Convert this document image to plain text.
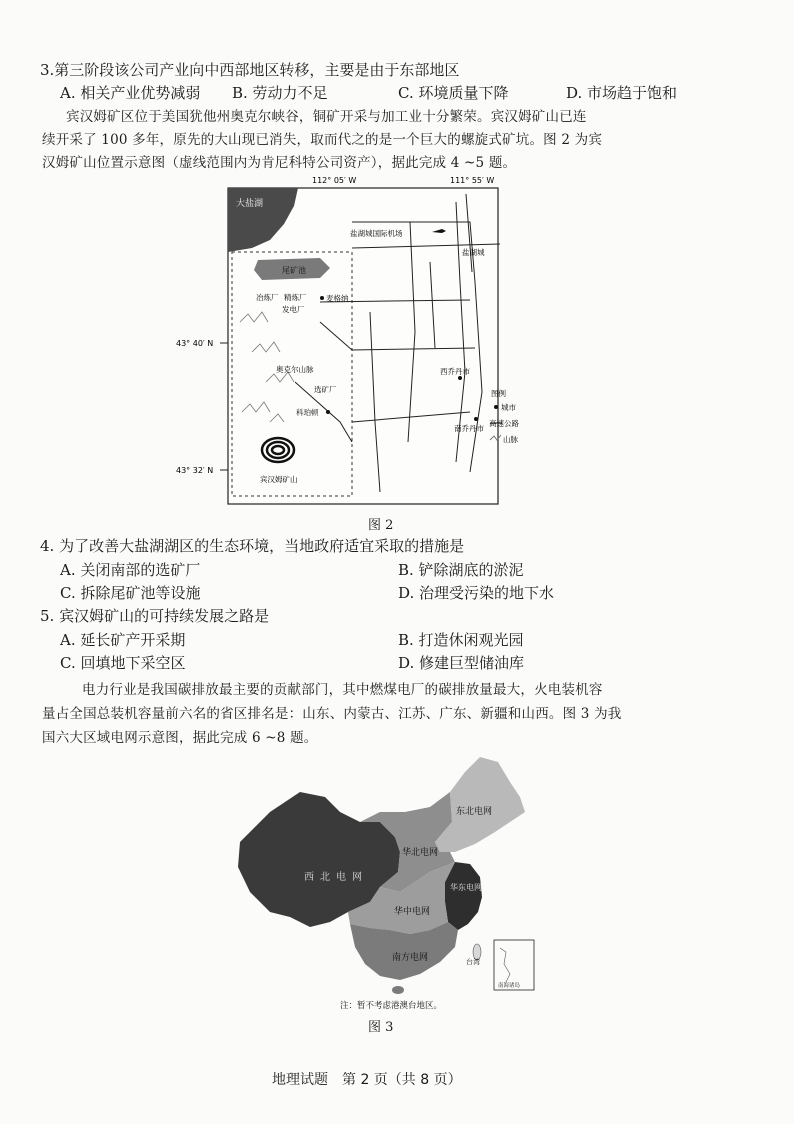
3.第三阶段该公司产业向中西部地区转移，主要是由于东部地区
A. 相关产业优势减弱 B. 劳动力不足	C. 环境质量下降	D. 市场趋于饱和
宾汉姆矿区位于美国犹他州奥克尔峡谷，铜矿开采与加工业十分繁荣。宾汉姆矿山已连
续开采了 100 多年，原先的大山现已消失，取而代之的是一个巨大的螺旋式矿坑。图 2 为宾
汉姆矿山位置示意图（虚线范围内为肯尼科特公司资产），据此完成 4 ~5 题。
112° 05′ W	111° 55′ W
大盐湖
尾矿池
盐湖城国际机场
盐湖城
冶炼厂 精炼厂
发电厂
麦格纳
奥克尔山脉
选矿厂
科珀顿
西乔丹市
南乔丹市
宾汉姆矿山
43° 40′ N
43° 32′ N
图例
城市
高速公路
山脉
图 2
4. 为了改善大盐湖湖区的生态环境，当地政府适宜采取的措施是
A. 关闭南部的选矿厂	B. 铲除湖底的淤泥
C. 拆除尾矿池等设施	D. 治理受污染的地下水
5. 宾汉姆矿山的可持续发展之路是
A. 延长矿产开采期	B. 打造休闲观光园
C. 回填地下采空区	D. 修建巨型储油库
电力行业是我国碳排放最主要的贡献部门，其中燃煤电厂的碳排放量最大，火电装机容
量占全国总装机容量前六名的省区排名是：山东、内蒙古、江苏、广东、新疆和山西。图 3 为我
国六大区域电网示意图，据此完成 6 ~8 题。
西北电网
华北电网
东北电网
华东电网
华中电网
南方电网	台湾
南海诸岛
注：暂不考虑港澳台地区。
图 3
地理试题　第 2 页（共 8 页）
